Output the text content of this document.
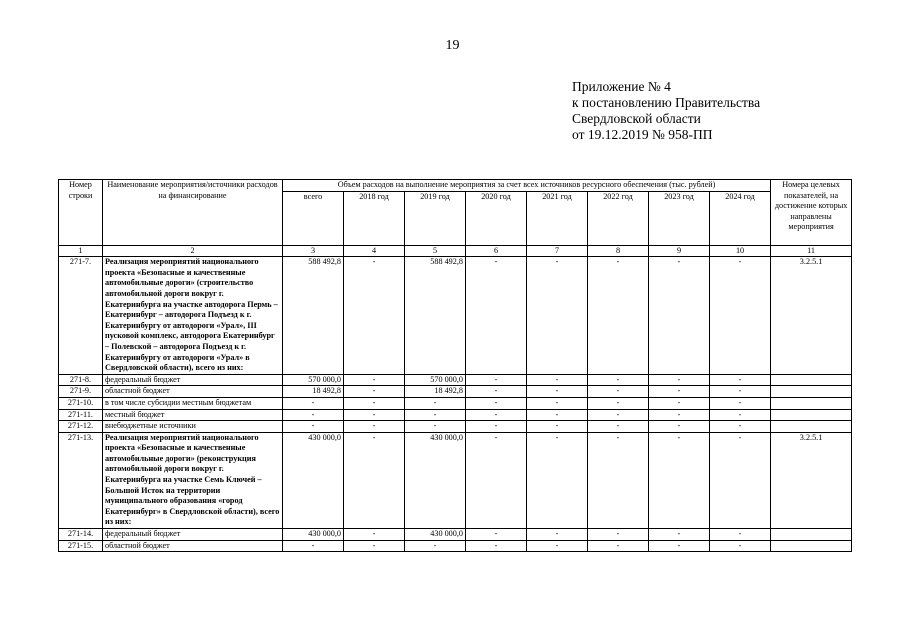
19
Приложение № 4
к постановлению Правительства
Свердловской области
от 19.12.2019 № 958-ПП
Номер строки	Наименование мероприятия/источники расходов на финансирование	Объем расходов на выполнение мероприятия за счет всех источников ресурсного обеспечения (тыс. рублей)								Номера целевых показателей, на достижение которых направлены мероприятия
		всего	2018 год	2019 год	2020 год	2021 год	2022 год	2023 год	2024 год	
1	2	3	4	5	6	7	8	9	10	11
271-7.	Реализация мероприятий национального проекта «Безопасные и качественные автомобильные дороги» (строительство автомобильной дороги вокруг г. Екатеринбурга на участке автодорога Пермь – Екатеринбург – автодорога Подъезд к г. Екатеринбургу от автодороги «Урал», III пусковой комплекс, автодорога Екатеринбург – Полевской – автодорога Подъезд к г. Екатеринбургу от автодороги «Урал» в Свердловской области), всего из них:	588 492,8	-	588 492,8	-	-	-	-	-	3.2.5.1
271-8.	федеральный бюджет	570 000,0	-	570 000,0	-	-	-	-	-	
271-9.	областной бюджет	18 492,8	-	18 492,8	-	-	-	-	-	
271-10.	в том числе субсидии местным бюджетам	-	-	-	-	-	-	-	-	
271-11.	местный бюджет	-	-	-	-	-	-	-	-	
271-12.	внебюджетные источники	-	-	-	-	-	-	-	-	
271-13.	Реализация мероприятий национального проекта «Безопасные и качественные автомобильные дороги» (реконструкция автомобильной дороги вокруг г. Екатеринбурга на участке Семь Ключей – Большой Исток на территории муниципального образования «город Екатеринбург» в Свердловской области), всего из них:	430 000,0	-	430 000,0	-	-	-	-	-	3.2.5.1
271-14.	федеральный бюджет	430 000,0	-	430 000,0	-	-	-	-	-	
271-15.	областной бюджет	-	-	-	-	-	-	-	-	
